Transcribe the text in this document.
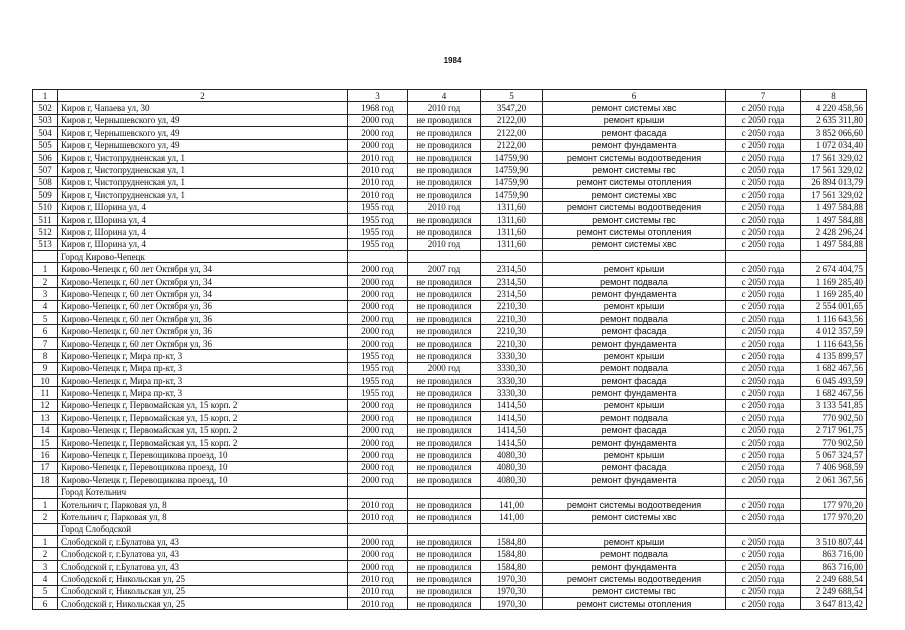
1984
1	2	3	4	5	6	7	8
502	Киров г, Чапаева ул, 30	1968 год	2010 год	3547,20	ремонт системы хвс	с 2050 года	4 220 458,56
503	Киров г, Чернышевского ул, 49	2000 год	не проводился	2122,00	ремонт крыши	с 2050 года	2 635 311,80
504	Киров г, Чернышевского ул, 49	2000 год	не проводился	2122,00	ремонт фасада	с 2050 года	3 852 066,60
505	Киров г, Чернышевского ул, 49	2000 год	не проводился	2122,00	ремонт фундамента	с 2050 года	1 072 034,40
506	Киров г, Чистопрудненская ул, 1	2010 год	не проводился	14759,90	ремонт системы водоотведения	с 2050 года	17 561 329,02
507	Киров г, Чистопрудненская ул, 1	2010 год	не проводился	14759,90	ремонт системы гвс	с 2050 года	17 561 329,02
508	Киров г, Чистопрудненская ул, 1	2010 год	не проводился	14759,90	ремонт системы отопления	с 2050 года	26 894 013,79
509	Киров г, Чистопрудненская ул, 1	2010 год	не проводился	14759,90	ремонт системы хвс	с 2050 года	17 561 329,02
510	Киров г, Шорина ул, 4	1955 год	2010 год	1311,60	ремонт системы водоотведения	с 2050 года	1 497 584,88
511	Киров г, Шорина ул, 4	1955 год	не проводился	1311,60	ремонт системы гвс	с 2050 года	1 497 584,88
512	Киров г, Шорина ул, 4	1955 год	не проводился	1311,60	ремонт системы отопления	с 2050 года	2 428 296,24
513	Киров г, Шорина ул, 4	1955 год	2010 год	1311,60	ремонт системы хвс	с 2050 года	1 497 584,88
	Город Кирово-Чепецк						
1	Кирово-Чепецк г, 60 лет Октября ул, 34	2000 год	2007 год	2314,50	ремонт крыши	с 2050 года	2 674 404,75
2	Кирово-Чепецк г, 60 лет Октября ул, 34	2000 год	не проводился	2314,50	ремонт подвала	с 2050 года	1 169 285,40
3	Кирово-Чепецк г, 60 лет Октября ул, 34	2000 год	не проводился	2314,50	ремонт фундамента	с 2050 года	1 169 285,40
4	Кирово-Чепецк г, 60 лет Октября ул, 36	2000 год	не проводился	2210,30	ремонт крыши	с 2050 года	2 554 001,65
5	Кирово-Чепецк г, 60 лет Октября ул, 36	2000 год	не проводился	2210,30	ремонт подвала	с 2050 года	1 116 643,56
6	Кирово-Чепецк г, 60 лет Октября ул, 36	2000 год	не проводился	2210,30	ремонт фасада	с 2050 года	4 012 357,59
7	Кирово-Чепецк г, 60 лет Октября ул, 36	2000 год	не проводился	2210,30	ремонт фундамента	с 2050 года	1 116 643,56
8	Кирово-Чепецк г, Мира пр-кт, 3	1955 год	не проводился	3330,30	ремонт крыши	с 2050 года	4 135 899,57
9	Кирово-Чепецк г, Мира пр-кт, 3	1955 год	2000 год	3330,30	ремонт подвала	с 2050 года	1 682 467,56
10	Кирово-Чепецк г, Мира пр-кт, 3	1955 год	не проводился	3330,30	ремонт фасада	с 2050 года	6 045 493,59
11	Кирово-Чепецк г, Мира пр-кт, 3	1955 год	не проводился	3330,30	ремонт фундамента	с 2050 года	1 682 467,56
12	Кирово-Чепецк г, Первомайская ул, 15 корп. 2	2000 год	не проводился	1414,50	ремонт крыши	с 2050 года	3 133 541,85
13	Кирово-Чепецк г, Первомайская ул, 15 корп. 2	2000 год	не проводился	1414,50	ремонт подвала	с 2050 года	770 902,50
14	Кирово-Чепецк г, Первомайская ул, 15 корп. 2	2000 год	не проводился	1414,50	ремонт фасада	с 2050 года	2 717 961,75
15	Кирово-Чепецк г, Первомайская ул, 15 корп. 2	2000 год	не проводился	1414,50	ремонт фундамента	с 2050 года	770 902,50
16	Кирово-Чепецк г, Перевощикова проезд, 10	2000 год	не проводился	4080,30	ремонт крыши	с 2050 года	5 067 324,57
17	Кирово-Чепецк г, Перевощикова проезд, 10	2000 год	не проводился	4080,30	ремонт фасада	с 2050 года	7 406 968,59
18	Кирово-Чепецк г, Перевощикова проезд, 10	2000 год	не проводился	4080,30	ремонт фундамента	с 2050 года	2 061 367,56
	Город Котельнич						
1	Котельнич г, Парковая ул, 8	2010 год	не проводился	141,00	ремонт системы водоотведения	с 2050 года	177 970,20
2	Котельнич г, Парковая ул, 8	2010 год	не проводился	141,00	ремонт системы хвс	с 2050 года	177 970,20
	Город Слободской						
1	Слободской г, г.Булатова ул, 43	2000 год	не проводился	1584,80	ремонт крыши	с 2050 года	3 510 807,44
2	Слободской г, г.Булатова ул, 43	2000 год	не проводился	1584,80	ремонт подвала	с 2050 года	863 716,00
3	Слободской г, г.Булатова ул, 43	2000 год	не проводился	1584,80	ремонт фундамента	с 2050 года	863 716,00
4	Слободской г, Никольская ул, 25	2010 год	не проводился	1970,30	ремонт системы водоотведения	с 2050 года	2 249 688,54
5	Слободской г, Никольская ул, 25	2010 год	не проводился	1970,30	ремонт системы гвс	с 2050 года	2 249 688,54
6	Слободской г, Никольская ул, 25	2010 год	не проводился	1970,30	ремонт системы отопления	с 2050 года	3 647 813,42
